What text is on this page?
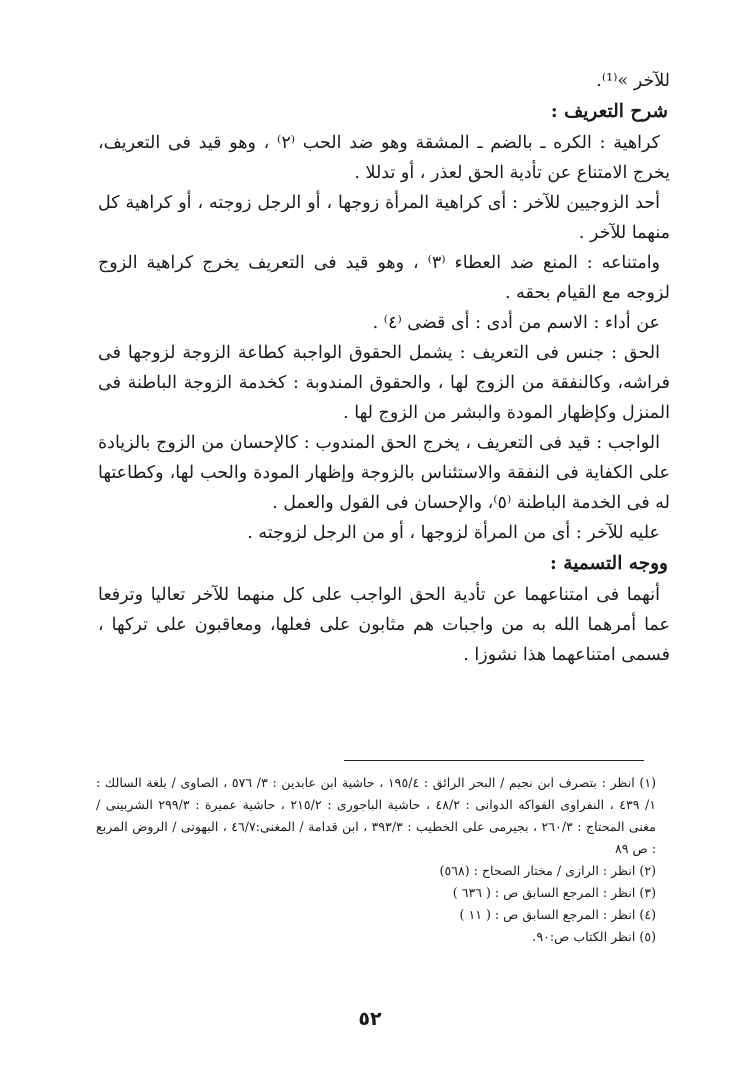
للآخر »⁽¹⁾.

شرح التعريف :

كراهية : الكره ـ بالضم ـ المشقة وهو ضد الحب ⁽٢⁾ ، وهو قيد فى التعريف، يخرج الامتناع عن تأدية الحق لعذر ، أو تدللا .

أحد الزوجيين للآخر : أى كراهية المرأة زوجها ، أو الرجل زوجته ، أو كراهية كل منهما للآخر .

وامتناعه : المنع ضد العطاء ⁽٣⁾ ، وهو قيد فى التعريف يخرج كراهية الزوج لزوجه مع القيام بحقه .

عن أداء : الاسم من أدى : أى قضى ⁽٤⁾ .

الحق : جنس فى التعريف : يشمل الحقوق الواجبة كطاعة الزوجة لزوجها فى فراشه، وكالنفقة من الزوج لها ، والحقوق المندوبة : كخدمة الزوجة الباطنة فى المنزل وكإظهار المودة والبشر من الزوج لها .

الواجب : قيد فى التعريف ، يخرج الحق المندوب : كالإحسان من الزوج بالزيادة على الكفاية فى النفقة والاستئناس بالزوجة وإظهار المودة والحب لها، وكطاعتها له فى الخدمة الباطنة ⁽٥⁾، والإحسان فى القول والعمل .

عليه للآخر : أى من المرأة لزوجها ، أو من الرجل لزوجته .

ووجه التسمية :

أنهما فى امتناعهما عن تأدية الحق الواجب على كل منهما للآخر تعاليا وترفعا عما أمرهما الله به من واجبات هم مثابون على فعلها، ومعاقبون على تركها ، فسمى امتناعهما هذا نشوزا .

(١) انظر : بتصرف ابن نجيم / البحر الرائق : ١٩٥/٤ ، حاشية ابن عابدين : ٣/ ٥٧٦ ، الصاوى / بلغة السالك : ١/ ٤٣٩ ، النفراوى الفواكه الدوانى : ٤٨/٢ ، حاشية الباجورى : ٢١٥/٢ ، حاشية عميرة : ٢٩٩/٣ الشربينى / مغنى المحتاج : ٢٦٠/٣ ، بجيرمى على الخطيب : ٣٩٣/٣ ، ابن قدامة / المغنى:٤٦/٧ ، البهوتى / الروض المربع : ص ٨٩

(٢) انظر : الرازى / مختار الصحاح : (٥٦٨)

(٣) انظر : المرجع السابق ص : ( ٦٣٦ )

(٤) انظر : المرجع السابق ص : ( ١١ )

(٥) انظر الكتاب ص:٩٠.

٥٢
